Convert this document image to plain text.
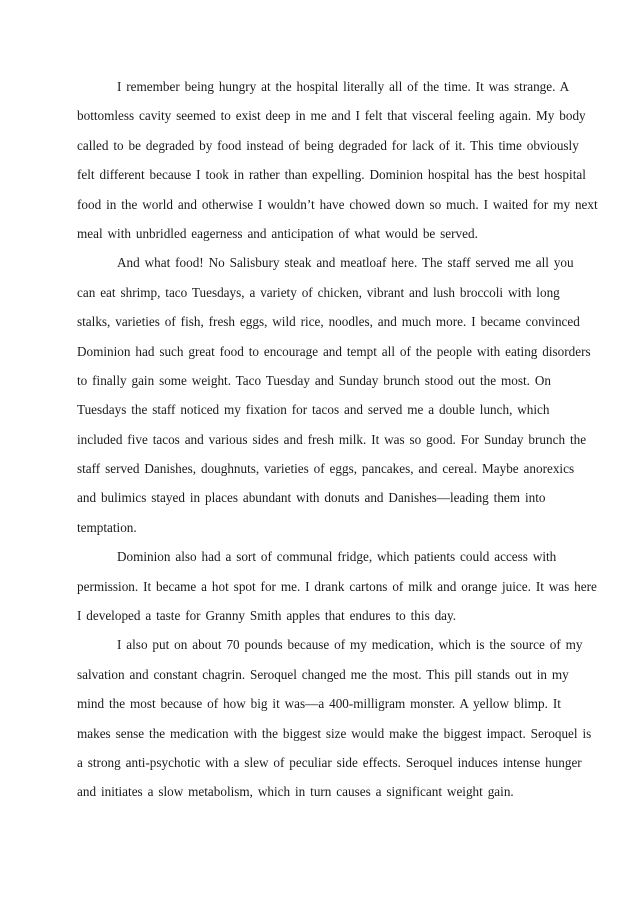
I remember being hungry at the hospital literally all of the time. It was strange. A
bottomless cavity seemed to exist deep in me and I felt that visceral feeling again. My body
called to be degraded by food instead of being degraded for lack of it. This time obviously
felt different because I took in rather than expelling. Dominion hospital has the best hospital
food in the world and otherwise I wouldn’t have chowed down so much. I waited for my next
meal with unbridled eagerness and anticipation of what would be served.
And what food! No Salisbury steak and meatloaf here. The staff served me all you
can eat shrimp, taco Tuesdays, a variety of chicken, vibrant and lush broccoli with long
stalks, varieties of fish, fresh eggs, wild rice, noodles, and much more. I became convinced
Dominion had such great food to encourage and tempt all of the people with eating disorders
to finally gain some weight. Taco Tuesday and Sunday brunch stood out the most. On
Tuesdays the staff noticed my fixation for tacos and served me a double lunch, which
included five tacos and various sides and fresh milk. It was so good. For Sunday brunch the
staff served Danishes, doughnuts, varieties of eggs, pancakes, and cereal. Maybe anorexics
and bulimics stayed in places abundant with donuts and Danishes—leading them into
temptation.
Dominion also had a sort of communal fridge, which patients could access with
permission. It became a hot spot for me. I drank cartons of milk and orange juice. It was here
I developed a taste for Granny Smith apples that endures to this day.
I also put on about 70 pounds because of my medication, which is the source of my
salvation and constant chagrin. Seroquel changed me the most. This pill stands out in my
mind the most because of how big it was—a 400-milligram monster. A yellow blimp. It
makes sense the medication with the biggest size would make the biggest impact. Seroquel is
a strong anti-psychotic with a slew of peculiar side effects. Seroquel induces intense hunger
and initiates a slow metabolism, which in turn causes a significant weight gain.
